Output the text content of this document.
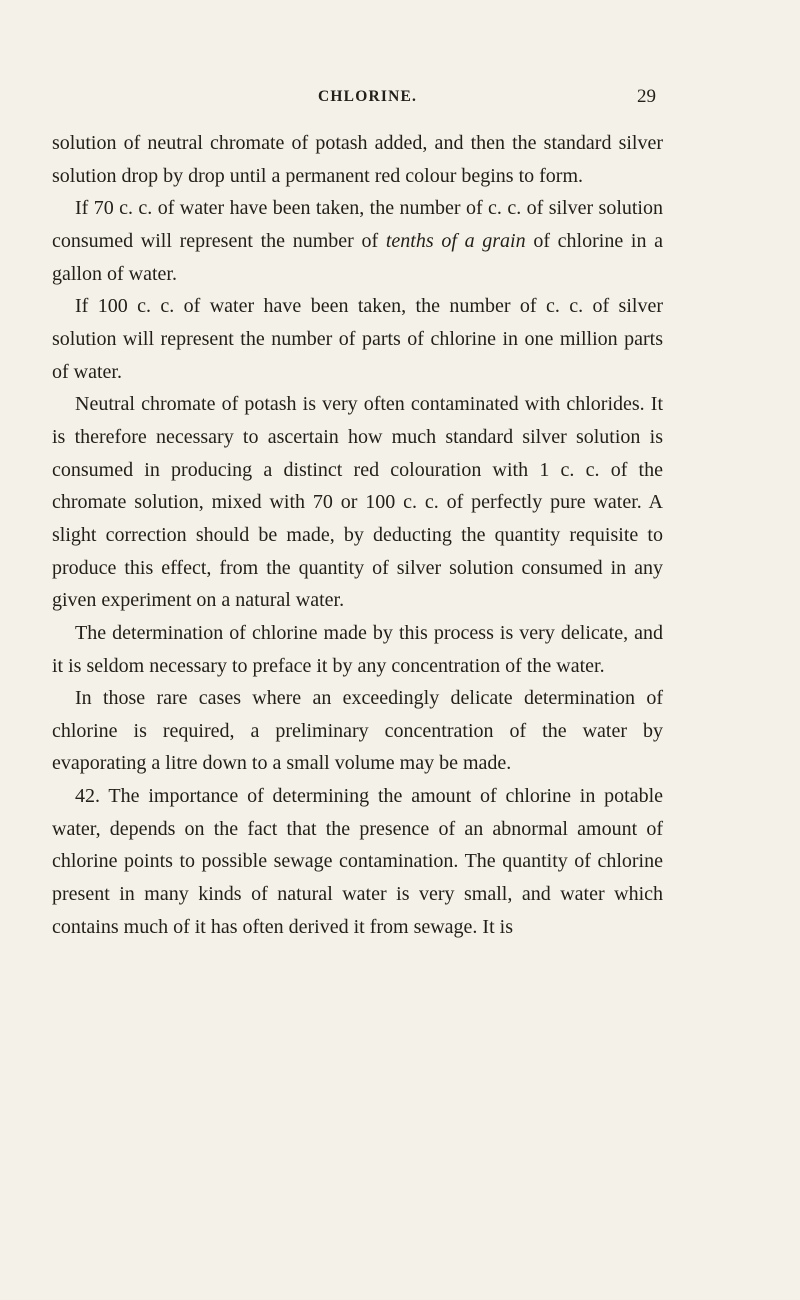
CHLORINE.	29

solution of neutral chromate of potash added, and then the standard silver solution drop by drop until a permanent red colour begins to form.

If 70 c. c. of water have been taken, the number of c. c. of silver solution consumed will represent the number of tenths of a grain of chlorine in a gallon of water.

If 100 c. c. of water have been taken, the number of c. c. of silver solution will represent the number of parts of chlorine in one million parts of water.

Neutral chromate of potash is very often contaminated with chlorides. It is therefore necessary to ascertain how much standard silver solution is consumed in producing a distinct red colouration with 1 c. c. of the chromate solution, mixed with 70 or 100 c. c. of perfectly pure water. A slight correction should be made, by deducting the quantity requisite to produce this effect, from the quantity of silver solution consumed in any given experiment on a natural water.

The determination of chlorine made by this process is very delicate, and it is seldom necessary to preface it by any concentration of the water.

In those rare cases where an exceedingly delicate determination of chlorine is required, a preliminary concentration of the water by evaporating a litre down to a small volume may be made.

42. The importance of determining the amount of chlorine in potable water, depends on the fact that the presence of an abnormal amount of chlorine points to possible sewage contamination. The quantity of chlorine present in many kinds of natural water is very small, and water which contains much of it has often derived it from sewage. It is
